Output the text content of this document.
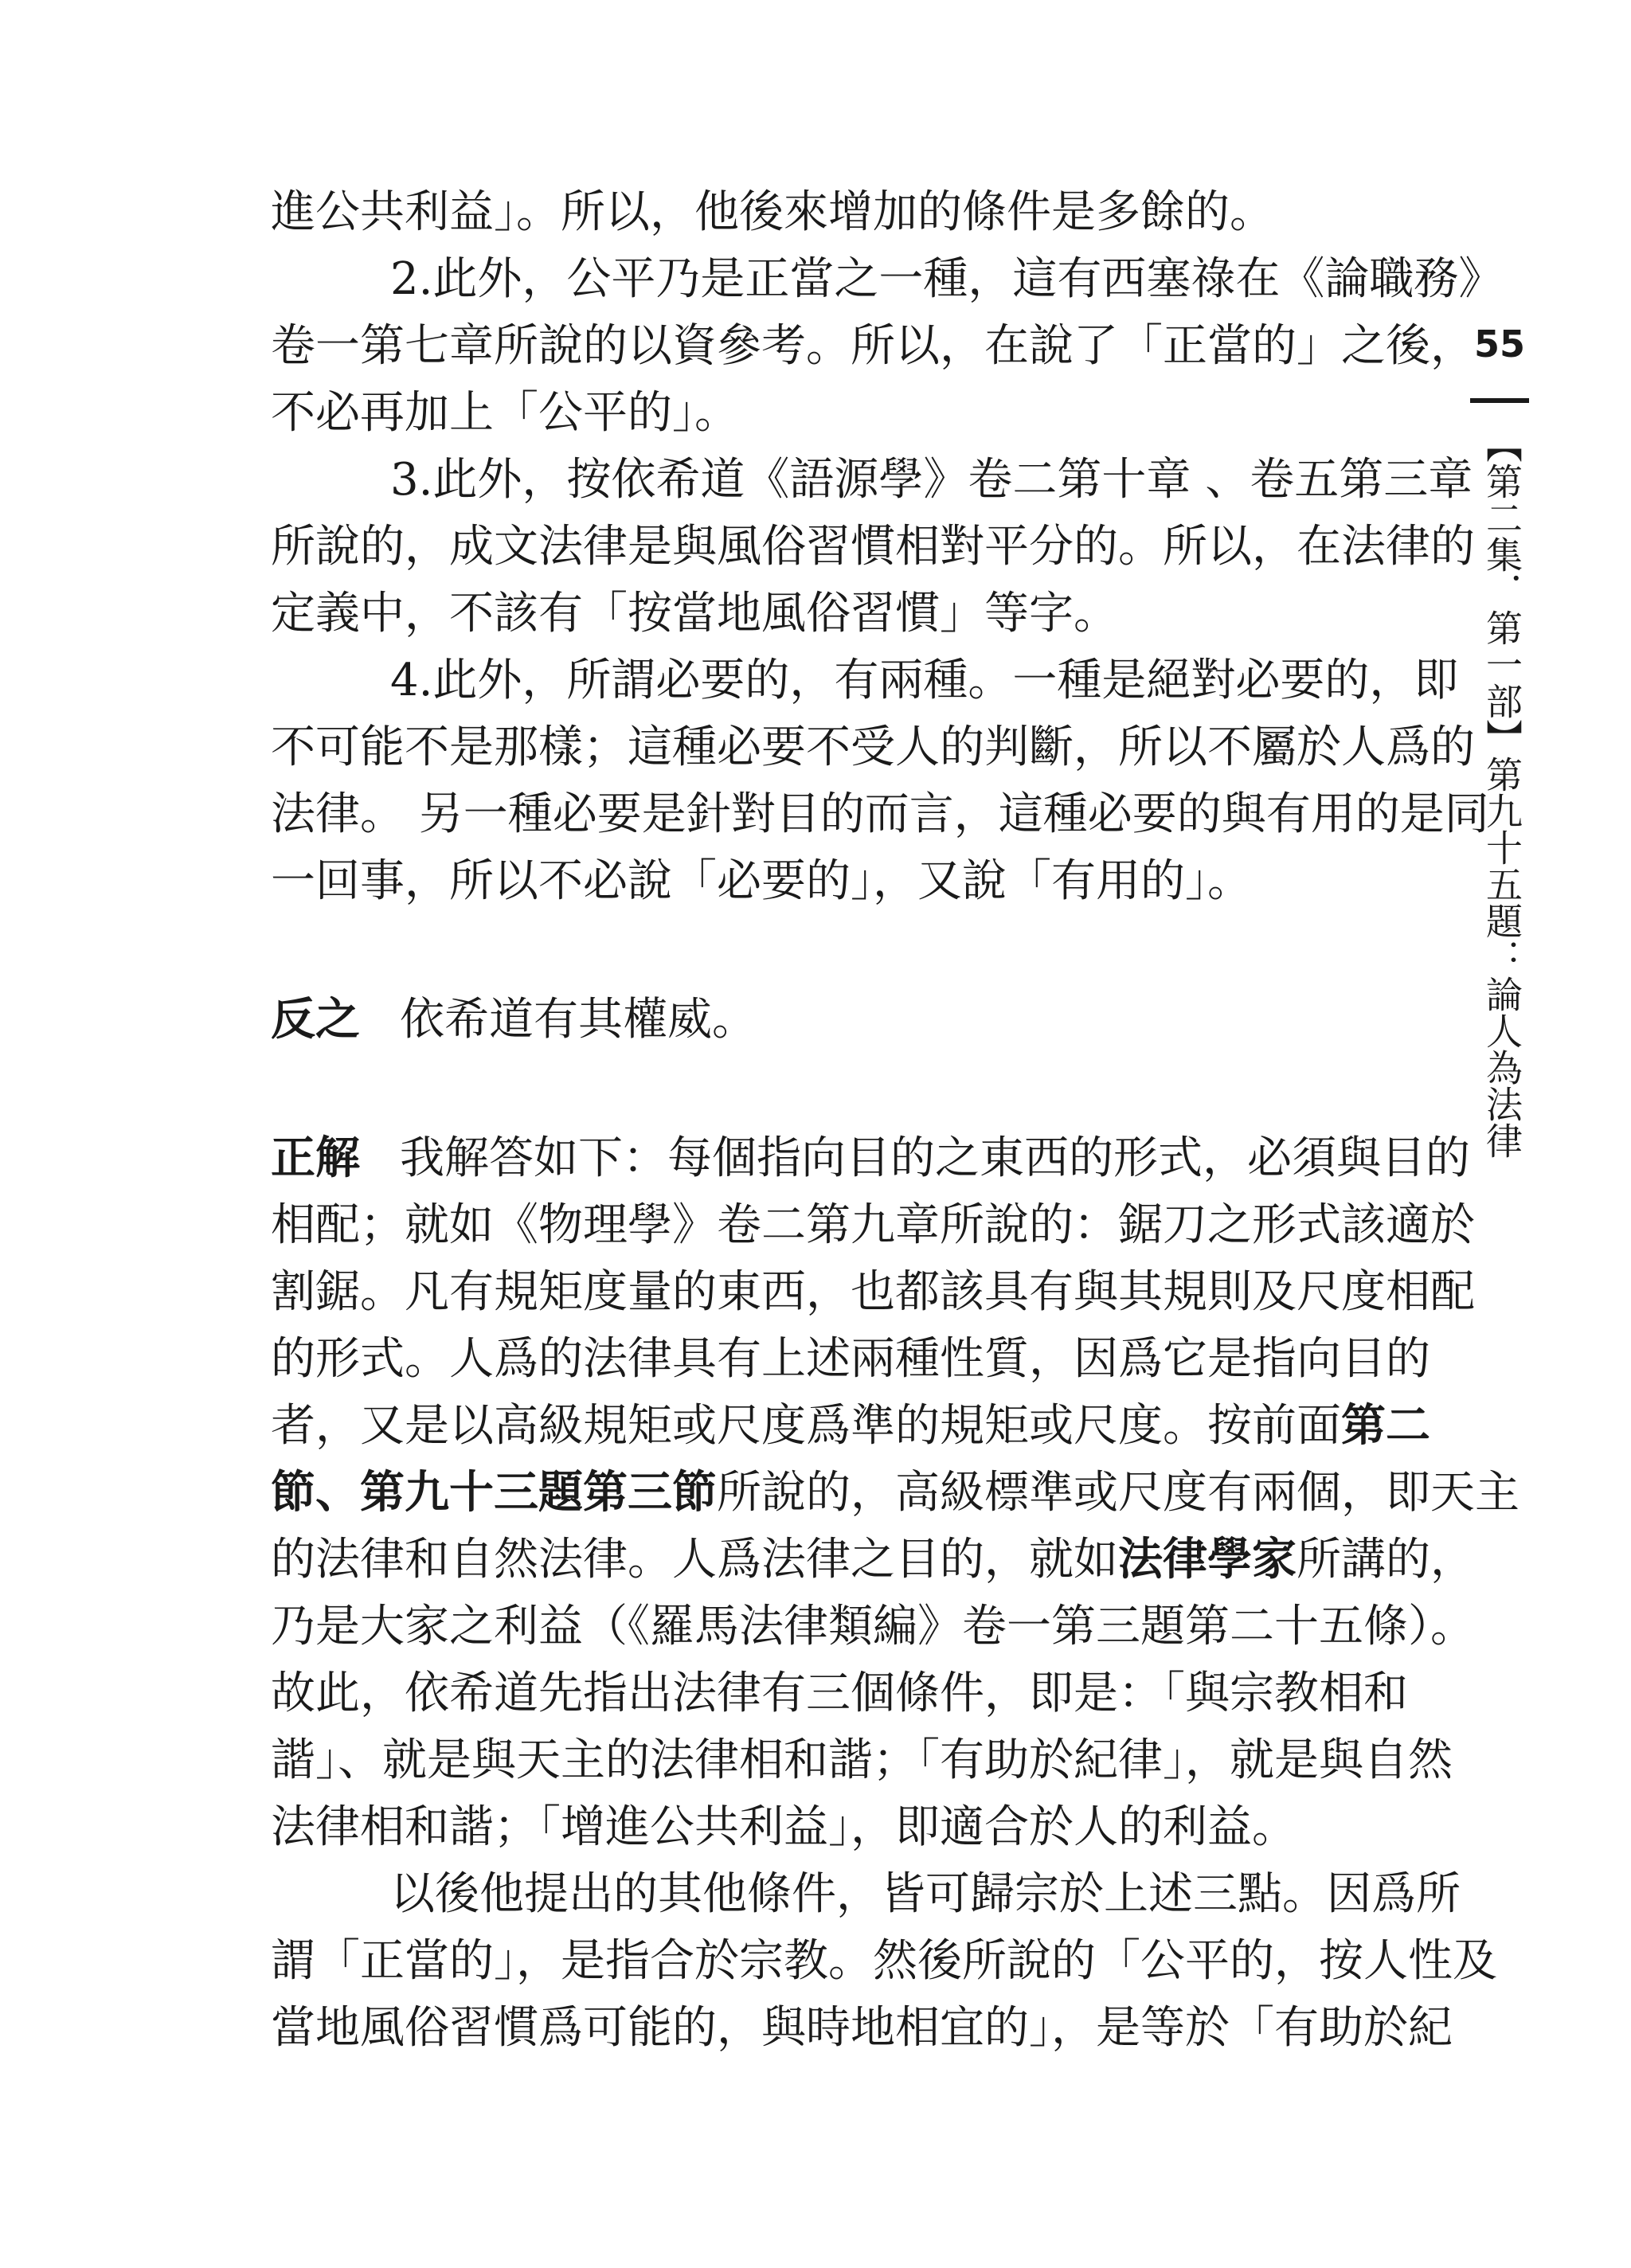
進公共利益」。所以，他後來增加的條件是多餘的。
2.此外，公平乃是正當之一種，這有西塞祿在《論職務》
卷一第七章所說的以資參考。所以，在說了「正當的」之後，
不必再加上「公平的」。
3.此外，按依希道《語源學》卷二第十章 、卷五第三章
所說的，成文法律是與風俗習慣相對平分的。所以，在法律的
定義中，不該有「按當地風俗習慣」等字。
4.此外，所謂必要的，有兩種。一種是絕對必要的，即
不可能不是那樣；這種必要不受人的判斷，所以不屬於人爲的
法律。 另一種必要是針對目的而言，這種必要的與有用的是同
一回事，所以不必說「必要的」，又說「有用的」。
反之 依希道有其權威。
正解 我解答如下：每個指向目的之東西的形式，必須與目的
相配；就如《物理學》卷二第九章所說的：鋸刀之形式該適於
割鋸。凡有規矩度量的東西，也都該具有與其規則及尺度相配
的形式。人爲的法律具有上述兩種性質，因爲它是指向目的
者，又是以高級規矩或尺度爲準的規矩或尺度。按前面第二
節、第九十三題第三節所說的，高級標準或尺度有兩個，即天主
的法律和自然法律。人爲法律之目的，就如法律學家所講的，
乃是大家之利益（《羅馬法律類編》卷一第三題第二十五條）。
故此，依希道先指出法律有三個條件，即是：「與宗教相和
諧」、就是與天主的法律相和諧；「有助於紀律」，就是與自然
法律相和諧；「增進公共利益」，即適合於人的利益。
以後他提出的其他條件，皆可歸宗於上述三點。因爲所
謂「正當的」，是指合於宗教。然後所說的「公平的，按人性及
當地風俗習慣爲可能的，與時地相宜的」，是等於「有助於紀
55
【第二集．第一部】第九十五題：論人為法律
